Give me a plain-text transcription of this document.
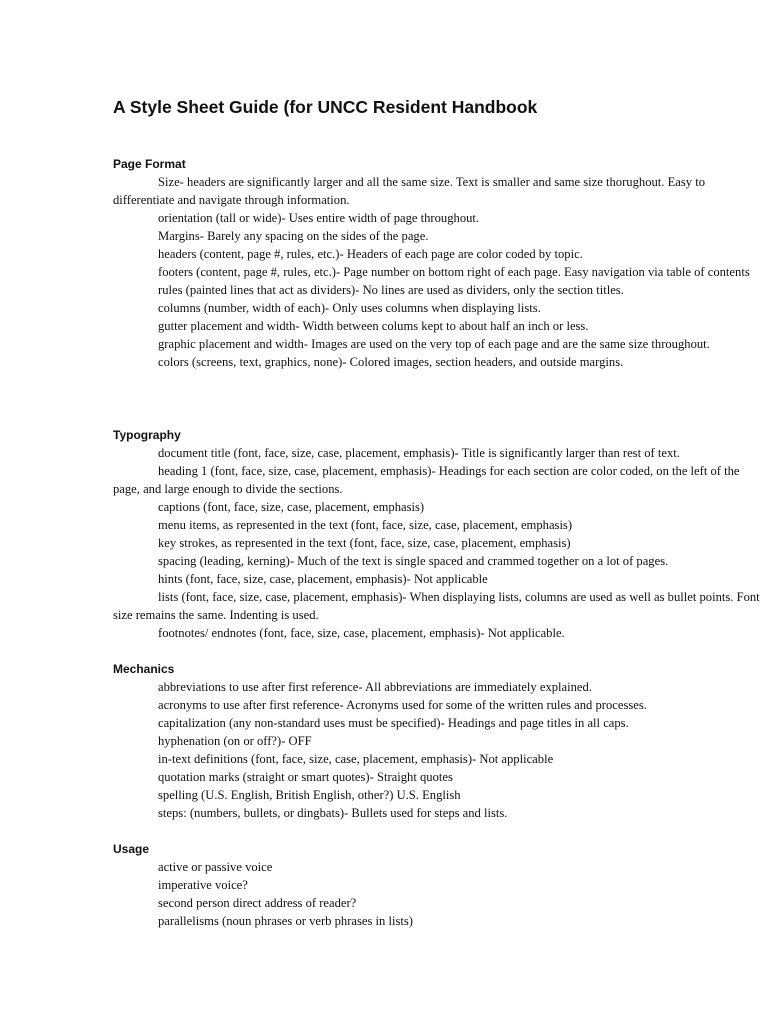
A Style Sheet Guide (for UNCC Resident Handbook
Page Format
Size- headers are significantly larger and all the same size. Text is smaller and same size thorughout. Easy to differentiate and navigate through information.
orientation (tall or wide)- Uses entire width of page throughout.
Margins- Barely any spacing on the sides of the page.
headers (content, page #, rules, etc.)- Headers of each page are color coded by topic.
footers (content, page #, rules, etc.)- Page number on bottom right of each page. Easy navigation via table of contents
rules (painted lines that act as dividers)- No lines are used as dividers, only the section titles.
columns (number, width of each)- Only uses columns when displaying lists.
gutter placement and width- Width between colums kept to about half an inch or less.
graphic placement and width- Images are used on the very top of each page and are the same size throughout.
colors (screens, text, graphics, none)- Colored images, section headers, and outside margins.
Typography
document title (font, face, size, case, placement, emphasis)- Title is significantly larger than rest of text.
heading 1 (font, face, size, case, placement, emphasis)- Headings for each section are color coded, on the left of the page, and large enough to divide the sections.
captions (font, face, size, case, placement, emphasis)
menu items, as represented in the text (font, face, size, case, placement, emphasis)
key strokes, as represented in the text (font, face, size, case, placement, emphasis)
spacing (leading, kerning)- Much of the text is single spaced and crammed together on a lot of pages.
hints (font, face, size, case, placement, emphasis)- Not applicable
lists (font, face, size, case, placement, emphasis)- When displaying lists, columns are used as well as bullet points. Font size remains the same. Indenting is used.
footnotes/ endnotes (font, face, size, case, placement, emphasis)- Not applicable.
Mechanics
abbreviations to use after first reference- All abbreviations are immediately explained.
acronyms to use after first reference- Acronyms used for some of the written rules and processes.
capitalization (any non-standard uses must be specified)- Headings and page titles in all caps.
hyphenation (on or off?)- OFF
in-text definitions (font, face, size, case, placement, emphasis)- Not applicable
quotation marks (straight or smart quotes)- Straight quotes
spelling (U.S. English, British English, other?) U.S. English
steps: (numbers, bullets, or dingbats)- Bullets used for steps and lists.
Usage
active or passive voice
imperative voice?
second person direct address of reader?
parallelisms (noun phrases or verb phrases in lists)
